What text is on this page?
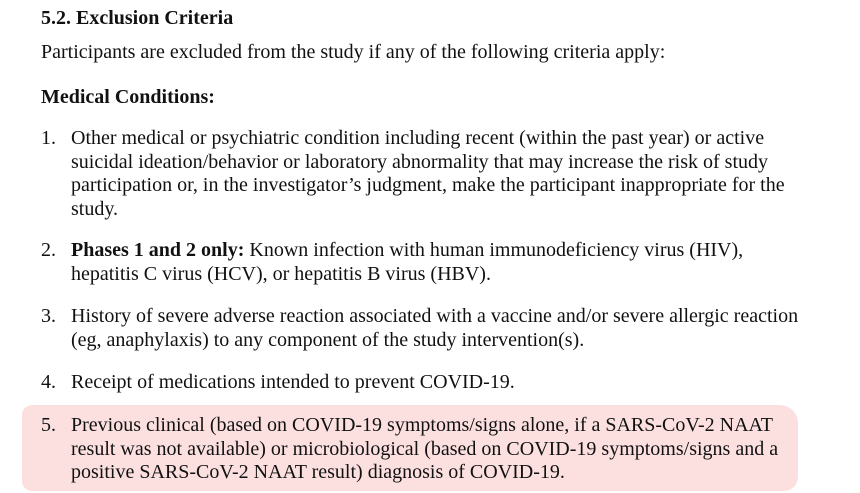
5.2. Exclusion Criteria
Participants are excluded from the study if any of the following criteria apply:
Medical Conditions:
1. Other medical or psychiatric condition including recent (within the past year) or active suicidal ideation/behavior or laboratory abnormality that may increase the risk of study participation or, in the investigator’s judgment, make the participant inappropriate for the study.
2. Phases 1 and 2 only: Known infection with human immunodeficiency virus (HIV), hepatitis C virus (HCV), or hepatitis B virus (HBV).
3. History of severe adverse reaction associated with a vaccine and/or severe allergic reaction (eg, anaphylaxis) to any component of the study intervention(s).
4. Receipt of medications intended to prevent COVID-19.
5. Previous clinical (based on COVID-19 symptoms/signs alone, if a SARS-CoV-2 NAAT result was not available) or microbiological (based on COVID-19 symptoms/signs and a positive SARS-CoV-2 NAAT result) diagnosis of COVID-19.
